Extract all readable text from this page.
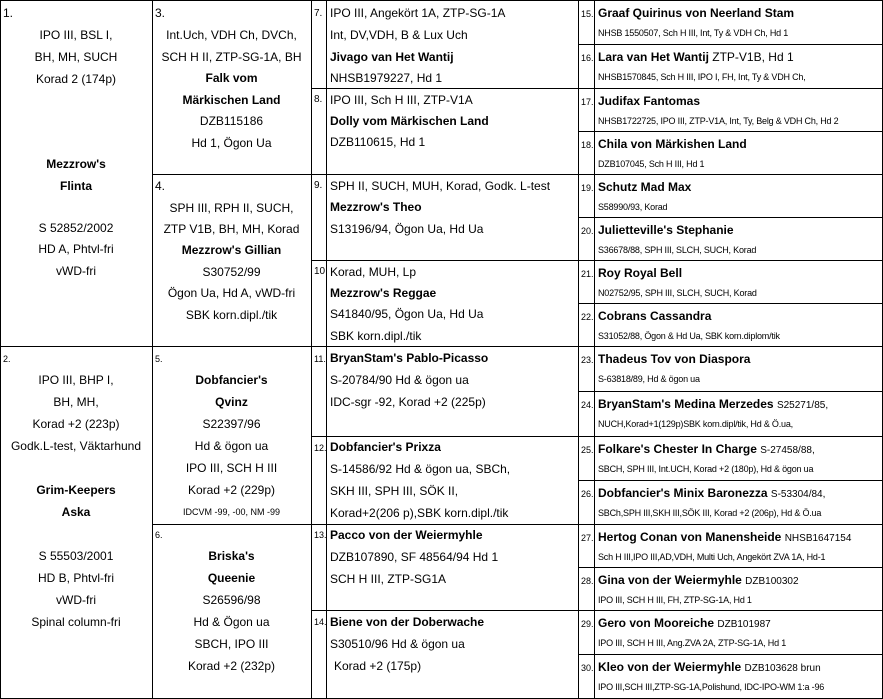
1.
IPO III, BSL I,
BH, MH, SUCH
Korad 2 (174p)
Mezzrow's
Flinta
S 52852/2002
HD A, Phtvl-fri
vWD-fri
2.
IPO III, BHP I,
BH, MH,
Korad +2 (223p)
Godk.L-test, Väktarhund
Grim-Keepers
Aska
S 55503/2001
HD B, Phtvl-fri
vWD-fri
Spinal column-fri
3.
Int.Uch, VDH Ch, DVCh,
SCH H II, ZTP-SG-1A, BH
Falk vom
Märkischen Land
DZB115186
Hd 1, Ögon Ua
4.
SPH III, RPH II, SUCH,
ZTP V1B, BH, MH, Korad
Mezzrow's Gillian
S30752/99
Ögon Ua, Hd A, vWD-fri
SBK korn.dipl./tik
5.
Dobfancier's
Qvinz
S22397/96
Hd & ögon ua
IPO III, SCH H III
Korad +2 (229p)
IDCVM -99, -00, NM -99
6.
Briska's
Queenie
S26596/98
Hd & Ögon ua
SBCH, IPO III
Korad +2 (232p)
7.
8.
9.
10
11.
12.
13.
14.
IPO III, Angekört 1A, ZTP-SG-1A
Int, DV,VDH, B & Lux Uch
Jivago van Het Wantij
NHSB1979227, Hd 1
IPO III, Sch H III, ZTP-V1A
Dolly vom Märkischen Land
DZB110615, Hd 1
SPH II, SUCH, MUH, Korad, Godk. L-test
Mezzrow's Theo
S13196/94, Ögon Ua, Hd Ua
Korad, MUH, Lp
Mezzrow's Reggae
S41840/95, Ögon Ua, Hd Ua
SBK korn.dipl./tik
BryanStam's Pablo-Picasso
S-20784/90 Hd & ögon ua
IDC-sgr -92, Korad +2 (225p)
Dobfancier's Prixza
S-14586/92 Hd & ögon ua, SBCh,
SKH III, SPH III, SÖK II,
Korad+2(206 p),SBK korn.dipl./tik
Pacco von der Weiermyhle
DZB107890, SF 48564/94 Hd 1
SCH H III, ZTP-SG1A
Biene von der Doberwache
S30510/96 Hd & ögon ua
Korad +2 (175p)
15. Graaf Quirinus von Neerland Stam
NHSB 1550507, Sch H III, Int, Ty & VDH Ch, Hd 1
16. Lara van Het Wantij ZTP-V1B, Hd 1
NHSB1570845, Sch H III, IPO I, FH, Int, Ty & VDH Ch,
17. Judifax Fantomas
NHSB1722725, IPO III, ZTP-V1A, Int, Ty, Belg & VDH Ch, Hd 2
18. Chila von Märkishen Land
DZB107045, Sch H III, Hd 1
19. Schutz Mad Max
S58990/93, Korad
20. Julietteville's Stephanie
S36678/88, SPH III, SLCH, SUCH, Korad
21. Roy Royal Bell
N02752/95, SPH III, SLCH, SUCH, Korad
22. Cobrans Cassandra
S31052/88, Ögon & Hd Ua, SBK korn.diplom/tik
23. Thadeus Tov von Diaspora
S-63818/89, Hd & ögon ua
24. BryanStam's Medina Merzedes S25271/85,
NUCH,Korad+1(129p)SBK korn.dipl/tik, Hd & Ö.ua,
25. Folkare's Chester In Charge S-27458/88,
SBCH, SPH III, Int.UCH, Korad +2 (180p), Hd & ögon ua
26. Dobfancier's Minix Baronezza S-53304/84,
SBCh,SPH III,SKH III,SÖK III, Korad +2 (206p), Hd & Ö.ua
27. Hertog Conan von Manensheide NHSB1647154
Sch H III,IPO III,AD,VDH, Multi Uch, Angekört ZVA 1A, Hd-1
28. Gina von der Weiermyhle DZB100302
IPO III, SCH H III, FH, ZTP-SG-1A, Hd 1
29. Gero von Mooreiche DZB101987
IPO III, SCH H III, Ang.ZVA 2A, ZTP-SG-1A, Hd 1
30. Kleo von der Weiermyhle DZB103628 brun
IPO III,SCH III,ZTP-SG-1A,Polishund, IDC-IPO-WM 1:a -96
